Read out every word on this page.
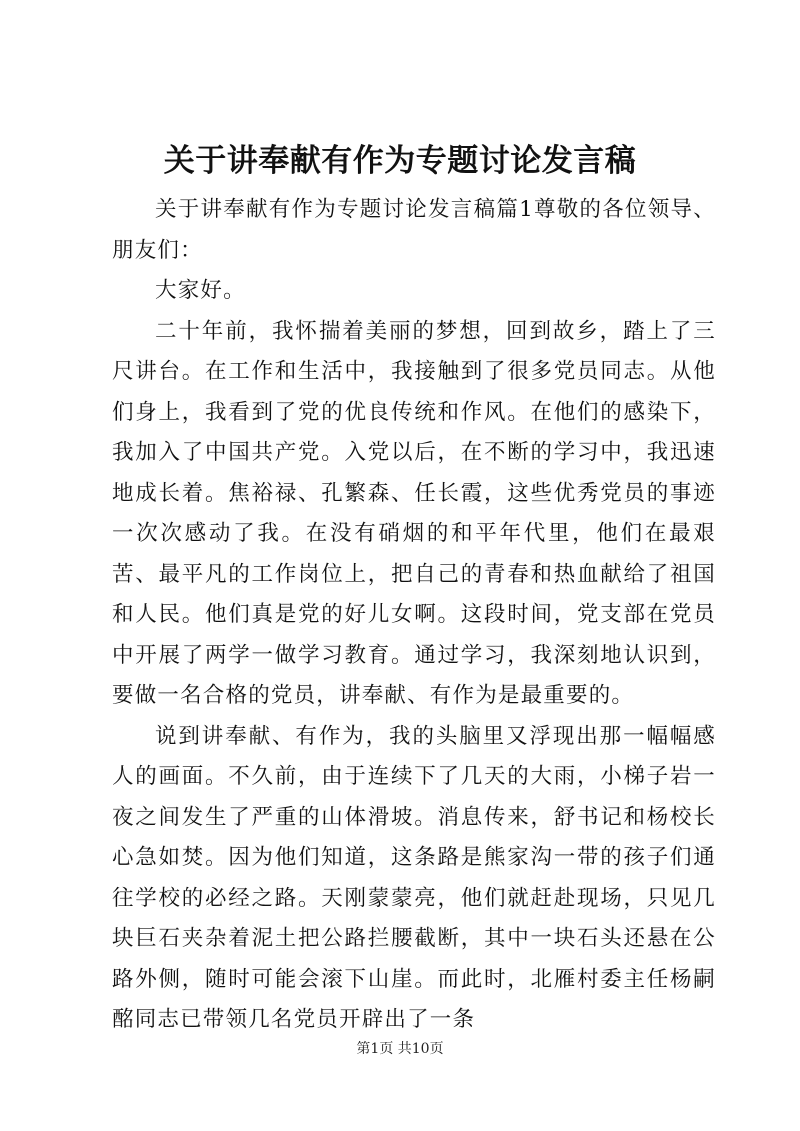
关于讲奉献有作为专题讨论发言稿

关于讲奉献有作为专题讨论发言稿篇1尊敬的各位领导、朋友们：

大家好。

二十年前，我怀揣着美丽的梦想，回到故乡，踏上了三尺讲台。在工作和生活中，我接触到了很多党员同志。从他们身上，我看到了党的优良传统和作风。在他们的感染下，我加入了中国共产党。入党以后，在不断的学习中，我迅速地成长着。焦裕禄、孔繁森、任长霞，这些优秀党员的事迹一次次感动了我。在没有硝烟的和平年代里，他们在最艰苦、最平凡的工作岗位上，把自己的青春和热血献给了祖国和人民。他们真是党的好儿女啊。这段时间，党支部在党员中开展了两学一做学习教育。通过学习，我深刻地认识到，要做一名合格的党员，讲奉献、有作为是最重要的。

说到讲奉献、有作为，我的头脑里又浮现出那一幅幅感人的画面。不久前，由于连续下了几天的大雨，小梯子岩一夜之间发生了严重的山体滑坡。消息传来，舒书记和杨校长心急如焚。因为他们知道，这条路是熊家沟一带的孩子们通往学校的必经之路。天刚蒙蒙亮，他们就赶赴现场，只见几块巨石夹杂着泥土把公路拦腰截断，其中一块石头还悬在公路外侧，随时可能会滚下山崖。而此时，北雁村委主任杨嗣酩同志已带领几名党员开辟出了一条

第1页 共10页
